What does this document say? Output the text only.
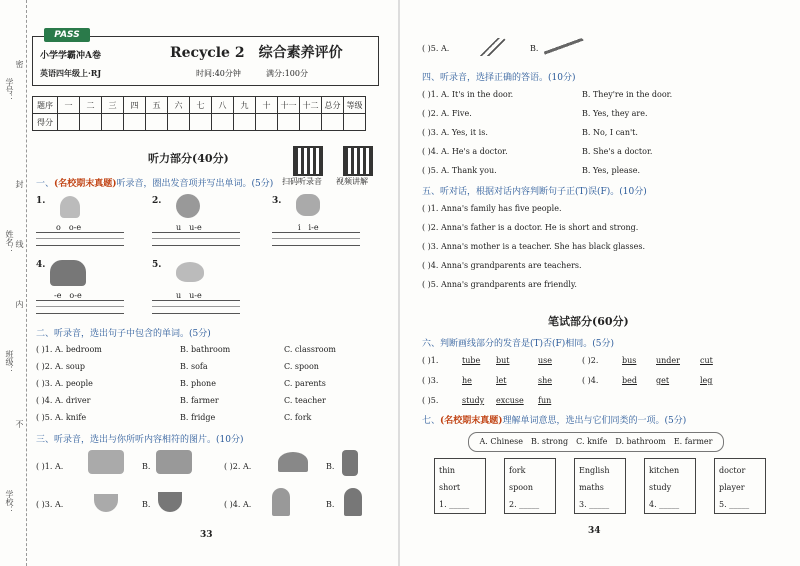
学号：
姓名：
班级：
学校：
密
封
线
内
不
PASS
小学学霸冲A卷
英语四年级上·RJ
Recycle 2　综合素养评价
时间:40分钟	满分:100分
题序	一	二	三	四	五	六	七	八	九	十	十一	十二	总分	等级
得分														
听力部分(40分)
扫码听录音 视频讲解
一、(名校期末真题)听录音，圈出发音项并写出单词。(5分)
1.
o　o-e
2.
u　u-e
3.
i　i-e
4.
-e　o-e
5.
u　u-e
二、听录音，选出句子中包含的单词。(5分)
( )1. A. bedroom	B. bathroom	C. classroom
( )2. A. soup	B. sofa	C. spoon
( )3. A. people	B. phone	C. parents
( )4. A. driver	B. farmer	C. teacher
( )5. A. knife	B. fridge	C. fork
三、听录音，选出与你所听内容相符的图片。(10分)
( )1. A.	B.	( )2. A.	B.
( )3. A.	B.	( )4. A.	B.
33
( )5. A.	B.
四、听录音，选择正确的答语。(10分)
( )1. A. It's in the door.	B. They're in the door.
( )2. A. Five.	B. Yes, they are.
( )3. A. Yes, it is.	B. No, I can't.
( )4. A. He's a doctor.	B. She's a doctor.
( )5. A. Thank you.	B. Yes, please.
五、听对话，根据对话内容判断句子正(T)误(F)。(10分)
( )1. Anna's family has five people.
( )2. Anna's father is a doctor. He is short and strong.
( )3. Anna's mother is a teacher. She has black glasses.
( )4. Anna's grandparents are teachers.
( )5. Anna's grandparents are friendly.
笔试部分(60分)
六、判断画线部分的发音是(T)否(F)相同。(5分)
( )1.	tube but	use	( )2.	bus under	cut
( )3.	he	let	she	( )4.	bed get	leg
( )5.	study excuse fun
七、(名校期末真题)理解单词意思，选出与它们同类的一项。(5分)
A. Chinese　B. strong　C. knife　D. bathroom　E. farmer
thin
short
1. _____
fork
spoon
2. _____
English
maths
3. _____
kitchen
study
4. _____
doctor
player
5. _____
34
